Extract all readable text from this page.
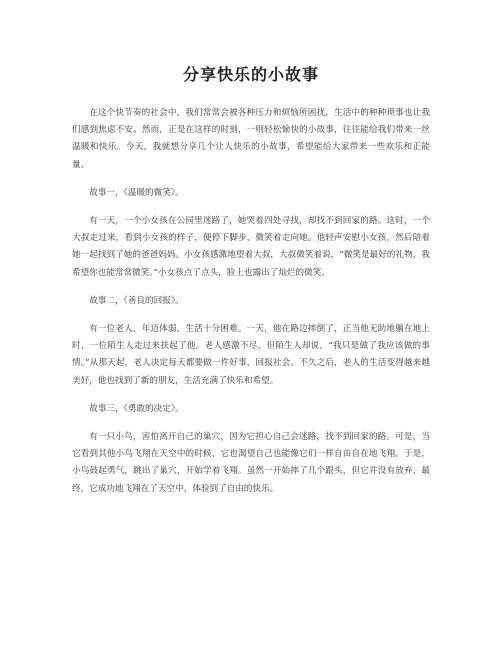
分享快乐的小故事

在这个快节奏的社会中，我们常常会被各种压力和烦恼所困扰，生活中的种种琐事也让我们感到焦虑不安。然而，正是在这样的时刻，一则轻松愉快的小故事，往往能给我们带来一丝温暖和快乐。今天，我就想分享几个让人快乐的小故事，希望能给大家带来一些欢乐和正能量。

故事一，《温暖的微笑》。

有一天，一个小女孩在公园里迷路了，她哭着四处寻找，却找不到回家的路。这时，一个大叔走过来，看到小女孩的样子，便停下脚步，微笑着走向她。他轻声安慰小女孩，然后陪着她一起找到了她的爸爸妈妈。小女孩感激地望着大叔，大叔微笑着说，“微笑是最好的礼物，我希望你也能常常微笑。”小女孩点了点头，脸上也露出了灿烂的微笑。

故事二，《善良的回报》。

有一位老人，年迈体弱，生活十分困难。一天，他在路边摔倒了，正当他无助地躺在地上时，一位陌生人走过来扶起了他。老人感激不尽，但陌生人却说，“我只是做了我应该做的事情。”从那天起，老人决定每天都要做一件好事，回报社会。不久之后，老人的生活变得越来越美好，他也找到了新的朋友，生活充满了快乐和希望。

故事三，《勇敢的决定》。

有一只小鸟，害怕离开自己的巢穴，因为它担心自己会迷路，找不到回家的路。可是，当它看到其他小鸟飞翔在天空中的时候，它也渴望自己也能像它们一样自由自在地飞翔。于是，小鸟鼓起勇气，跳出了巢穴，开始学着飞翔。虽然一开始摔了几个跟头，但它并没有放弃，最终，它成功地飞翔在了天空中，体验到了自由的快乐。
